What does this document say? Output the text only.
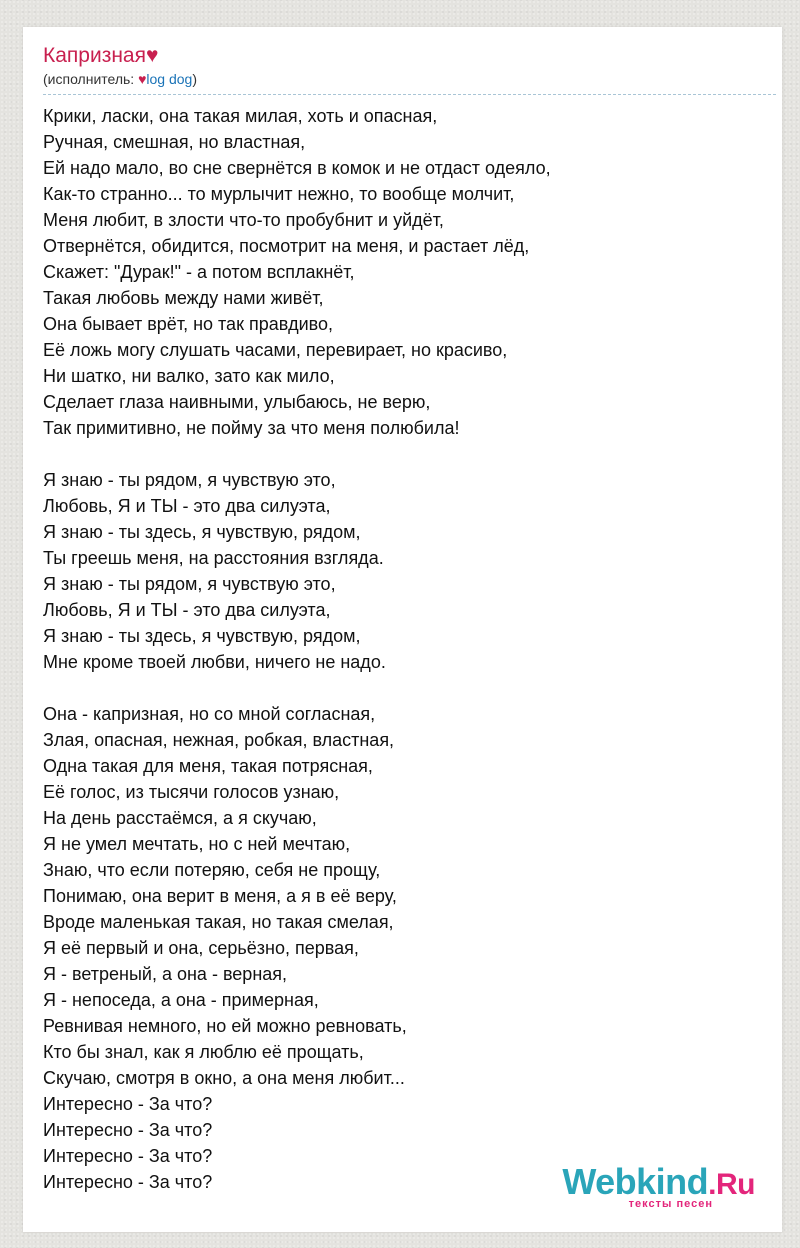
Капризная♥
(исполнитель: ♥log dog)
Крики, ласки, она такая милая, хоть и опасная,
Ручная, смешная, но властная,
Ей надо мало, во сне свернётся в комок и не отдаст одеяло,
Как-то странно... то мурлычит нежно, то вообще молчит,
Меня любит, в злости что-то пробубнит и уйдёт,
Отвернётся, обидится, посмотрит на меня, и растает лёд,
Скажет: "Дурак!" - а потом всплакнёт,
Такая любовь между нами живёт,
Она бывает врёт, но так правдиво,
Её ложь могу слушать часами, перевирает, но красиво,
Ни шатко, ни валко, зато как мило,
Сделает глаза наивными, улыбаюсь, не верю,
Так примитивно, не пойму за что меня полюбила!
Я знаю - ты рядом, я чувствую это,
Любовь, Я и ТЫ - это два силуэта,
Я знаю - ты здесь, я чувствую, рядом,
Ты греешь меня, на расстояния взгляда.
Я знаю - ты рядом, я чувствую это,
Любовь, Я и ТЫ - это два силуэта,
Я знаю - ты здесь, я чувствую, рядом,
Мне кроме твоей любви, ничего не надо.
Она - капризная, но со мной согласная,
Злая, опасная, нежная, робкая, властная,
Одна такая для меня, такая потрясная,
Её голос, из тысячи голосов узнаю,
На день расстаёмся, а я скучаю,
Я не умел мечтать, но с ней мечтаю,
Знаю, что если потеряю, себя не прощу,
Понимаю, она верит в меня, а я в её веру,
Вроде маленькая такая, но такая смелая,
Я её первый и она, серьёзно, первая,
Я - ветреный, а она - верная,
Я - непоседа, а она - примерная,
Ревнивая немного, но ей можно ревновать,
Кто бы знал, как я люблю её прощать,
Скучаю, смотря в окно, а она меня любит...
Интересно - За что?
Интересно - За что?
Интересно - За что?
Интересно - За что?	Webkind.Ru
тексты песен
